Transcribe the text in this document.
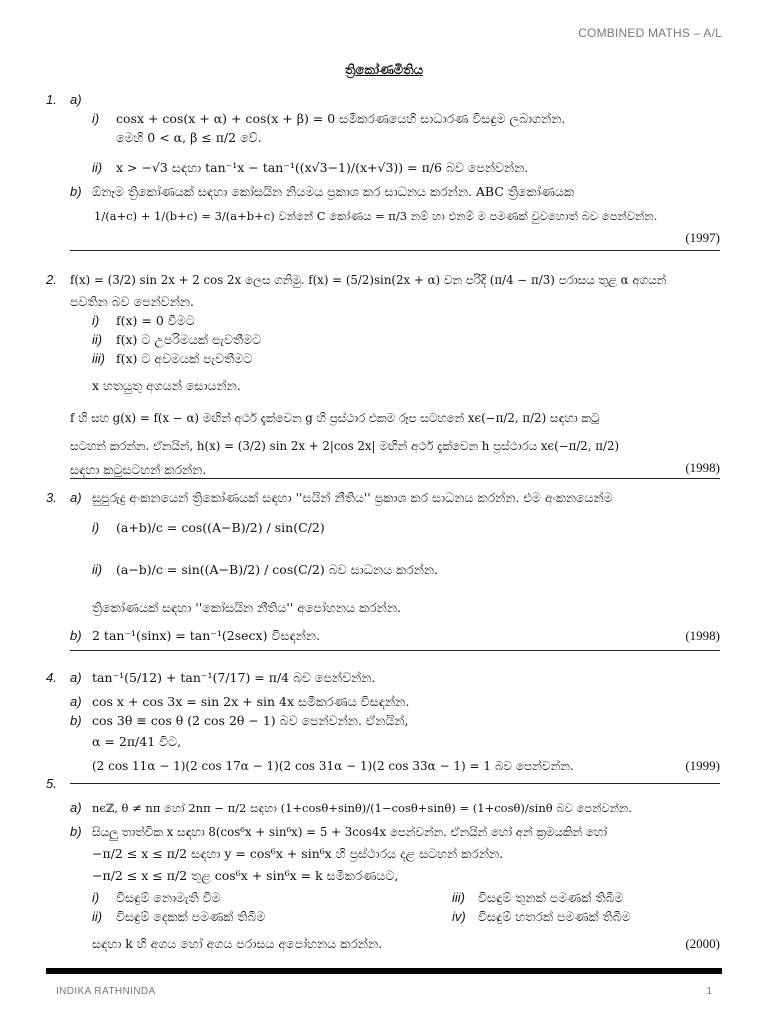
COMBINED MATHS – A/L
ත්‍රිකෝණමිතිය
1. a)
i) cosx + cos(x + α) + cos(x + β) = 0 සමීකරණයෙහි සාධාරණ විසඳුම ලබාගන්න.
මෙහි 0 < α, β ≤ π/2 වේ.
ii) x > −√3 සඳහා tan⁻¹x − tan⁻¹((x√3−1)/(x+√3)) = π/6 බව පෙන්වන්න.
b) ඕනෑම ත්‍රිකෝණයක් සඳහා කෝසයින නියමය ප්‍රකාශ කර සාධනය කරන්න. ABC ත්‍රිකෝණයක
1/(a+c) + 1/(b+c) = 3/(a+b+c) වන්නේ C කෝණය = π/3 නම් හා එනම් ම පමණක් වුවහොත් බව පෙන්වන්න.
(1997)
2. f(x) = (3/2) sin 2x + 2 cos 2x ලෙස ගනිමු. f(x) = (5/2)sin(2x + α) වන පරිදි (π/4 − π/3) පරාසය තුළ α අගයන්
පවතින බව පෙන්වන්න.
i) f(x) = 0 වීමට
ii) f(x) ට උපරිමයක් පැවතීමට
iii) f(x) ට අවමයක් පැවතීමට
x හතයුතු අගයන් සොයන්න.
f හි සහ g(x) = f(x − α) මඟින් අර්ථ දැක්වෙන g හි ප්‍රස්ථාර එකම රූප සටහනේ xϵ(−π/2, π/2) සඳහා කටු
සටහන් කරන්න. ඒනයින්, h(x) = (3/2) sin 2x + 2|cos 2x| මඟින් අර්ථ දැක්වෙන h ප්‍රස්ථාරය xϵ(−π/2, π/2)
සඳහා කටුසටහන් කරන්න.	(1998)
3. a) සුපුරුදු අංකනයෙන් ත්‍රිකෝණයක් සඳහා ''සයින් නීතිය'' ප්‍රකාශ කර සාධනය කරන්න. එම අංකනයෙන්ම
i) (a+b)/c = cos((A−B)/2) / sin(C/2)
ii) (a−b)/c = sin((A−B)/2) / cos(C/2) බව සාධනය කරන්න.
ත්‍රිකෝණයක් සඳහා ''කෝසයින නීතිය'' අපෝහනය කරන්න.
b) 2 tan⁻¹(sinx) = tan⁻¹(2secx) විසඳන්න.	(1998)
4. a) tan⁻¹(5/12) + tan⁻¹(7/17) = π/4 බව පෙන්වන්න.
a) cos x + cos 3x = sin 2x + sin 4x සමීකරණය විසඳන්න.
b) cos 3θ ≡ cos θ (2 cos 2θ − 1) බව පෙන්වන්න. ඒනයින්,
α = 2π/41 විට,
(2 cos 11α − 1)(2 cos 17α − 1)(2 cos 31α − 1)(2 cos 33α − 1) = 1 බව පෙන්වන්න.	(1999)
5.
a) nϵℤ, θ ≠ nπ හෝ 2nπ − π/2 සඳහා (1+cosθ+sinθ)/(1−cosθ+sinθ) = (1+cosθ)/sinθ බව පෙන්වන්න.
b) සියලු තාත්වික x සඳහා 8(cos⁶x + sin⁶x) = 5 + 3cos4x පෙන්වන්න. ඒනයින් හෝ අන් ක්‍රමයකින් හෝ
−π/2 ≤ x ≤ π/2 සඳහා y = cos⁶x + sin⁶x හි ප්‍රස්ථාරය දළ සටහන් කරන්න.
−π/2 ≤ x ≤ π/2 තුළ cos⁶x + sin⁶x = k සමීකරණයට,
i) විසඳුම් නොමැති වීම	iii) විසඳුම් තුනක් පමණක් තිබීම
ii) විසඳුම් දෙකක් පමණක් තිබීම	iv) විසඳුම් හතරක් පමණක් තිබීම
සඳහා k හි අගය හෝ අගය පරාසය අපෝහනය කරන්න.	(2000)
INDIKA RATHNINDA	1
